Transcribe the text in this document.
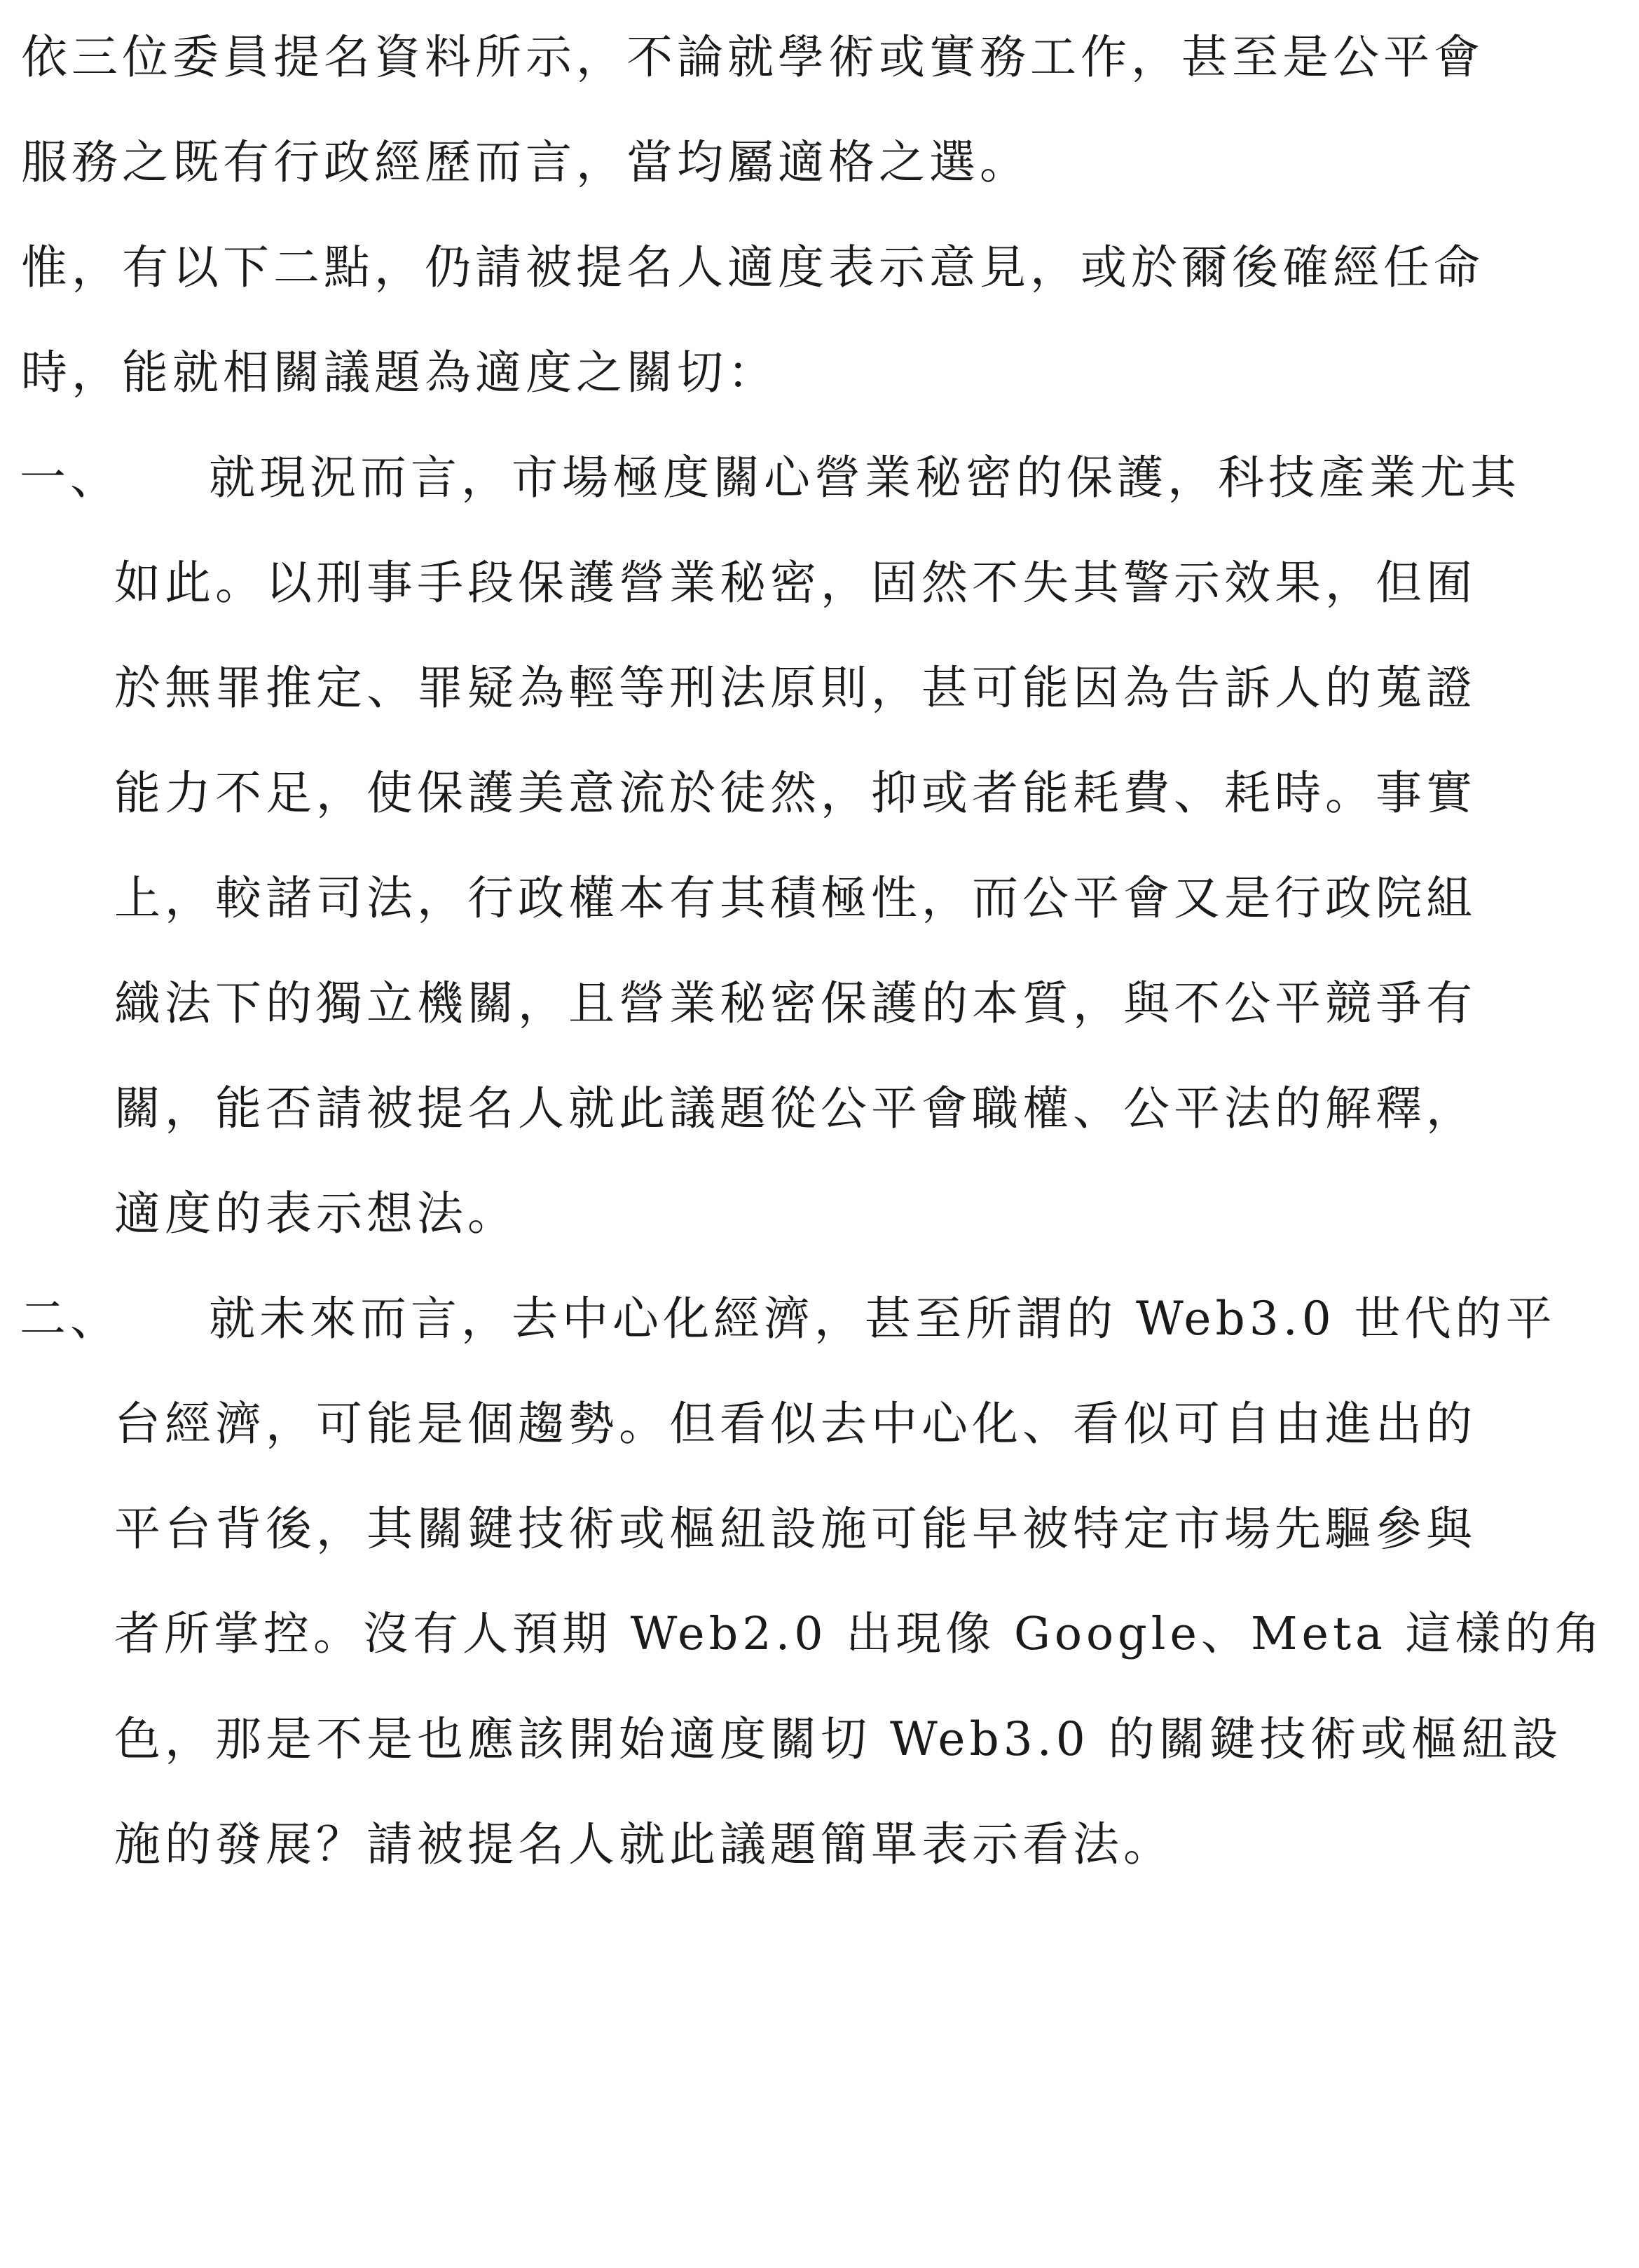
依三位委員提名資料所示，不論就學術或實務工作，甚至是公平會
服務之既有行政經歷而言，當均屬適格之選。
惟，有以下二點，仍請被提名人適度表示意見，或於爾後確經任命
時，能就相關議題為適度之關切：
一、 就現況而言，市場極度關心營業秘密的保護，科技產業尤其
如此。以刑事手段保護營業秘密，固然不失其警示效果，但囿
於無罪推定、罪疑為輕等刑法原則，甚可能因為告訴人的蒐證
能力不足，使保護美意流於徒然，抑或者能耗費、耗時。事實
上，較諸司法，行政權本有其積極性，而公平會又是行政院組
織法下的獨立機關，且營業秘密保護的本質，與不公平競爭有
關，能否請被提名人就此議題從公平會職權、公平法的解釋，
適度的表示想法。
二、 就未來而言，去中心化經濟，甚至所謂的 Web3.0 世代的平
台經濟，可能是個趨勢。但看似去中心化、看似可自由進出的
平台背後，其關鍵技術或樞紐設施可能早被特定市場先驅參與
者所掌控。沒有人預期 Web2.0 出現像 Google、Meta 這樣的角
色，那是不是也應該開始適度關切 Web3.0 的關鍵技術或樞紐設
施的發展？請被提名人就此議題簡單表示看法。
